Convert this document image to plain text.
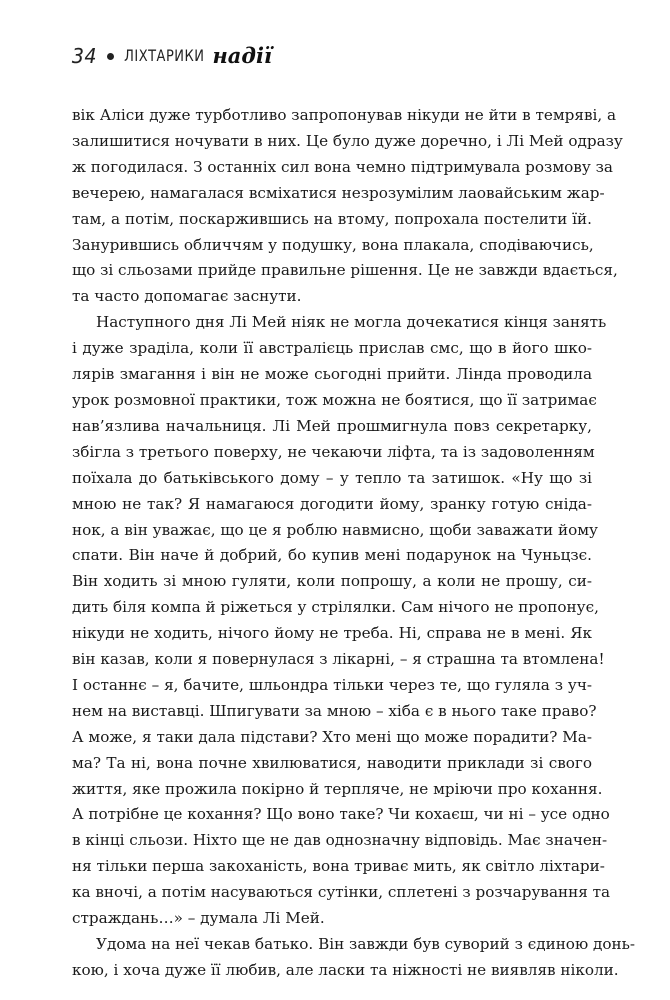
34 ЛІХТАРИКИ надії
вік Аліси дуже турботливо запропонував нікуди не йти в темряві, а
залишитися ночувати в них. Це було дуже доречно, і Лі Мей одразу
ж погодилася. З останніх сил вона чемно підтримувала розмову за
вечерею, намагалася всміхатися незрозумілим лаовайським жар-
там, а потім, поскаржившись на втому, попрохала постелити їй.
Занурившись обличчям у подушку, вона плакала, сподіваючись,
що зі сльозами прийде правильне рішення. Це не завжди вдається,
та часто допомагає заснути.
Наступного дня Лі Мей ніяк не могла дочекатися кінця занять
і дуже зраділа, коли її австралієць прислав смс, що в його шко-
лярів змагання і він не може сьогодні прийти. Лінда проводила
урок розмовної практики, тож можна не боятися, що її затримає
нав’язлива начальниця. Лі Мей прошмигнула повз секретарку,
збігла з третього поверху, не чекаючи ліфта, та із задоволенням
поїхала до батьківського дому – у тепло та затишок. «Ну що зі
мною не так? Я намагаюся догодити йому, зранку готую сніда-
нок, а він уважає, що це я роблю навмисно, щоби заважати йому
спати. Він наче й добрий, бо купив мені подарунок на Чуньцзє.
Він ходить зі мною гуляти, коли попрошу, а коли не прошу, си-
дить біля компа й ріжеться у стрілялки. Сам нічого не пропонує,
нікуди не ходить, нічого йому не треба. Ні, справа не в мені. Як
він казав, коли я повернулася з лікарні, – я страшна та втомлена!
І останнє – я, бачите, шльондра тільки через те, що гуляла з уч-
нем на виставці. Шпигувати за мною – хіба є в нього таке право?
А може, я таки дала підстави? Хто мені що може порадити? Ма-
ма? Та ні, вона почне хвилюватися, наводити приклади зі свого
життя, яке прожила покірно й терпляче, не мріючи про кохання.
А потрібне це кохання? Що воно таке? Чи кохаєш, чи ні – усе одно
в кінці сльози. Ніхто ще не дав однозначну відповідь. Має значен-
ня тільки перша закоханість, вона триває мить, як світло ліхтари-
ка вночі, а потім насуваються сутінки, сплетені з розчарування та
страждань…» – думала Лі Мей.
Удома на неї чекав батько. Він завжди був суворий з єдиною донь-
кою, і хоча дуже її любив, але ласки та ніжності не виявляв ніколи.
